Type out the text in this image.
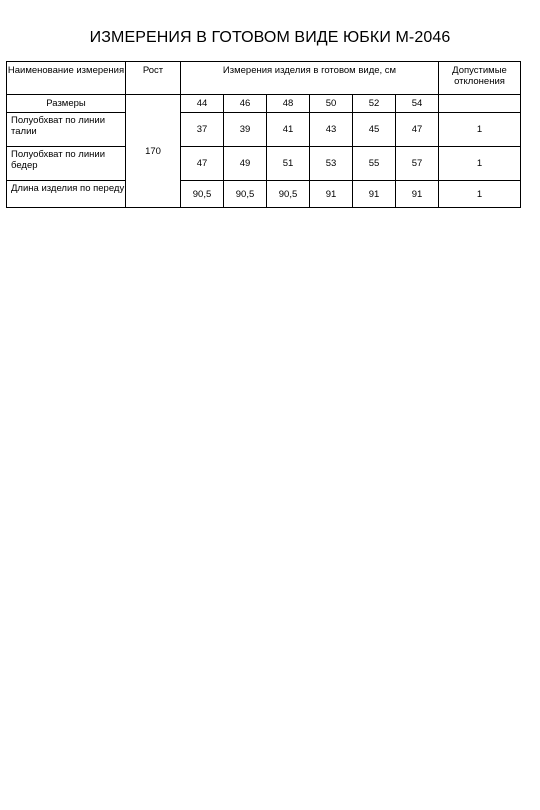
ИЗМЕРЕНИЯ В ГОТОВОМ ВИДЕ ЮБКИ М-2046
Наименование измерения	Рост	Измерения изделия в готовом виде, см						Допустимые отклонения
Размеры	170	44	46	48	50	52	54	
Полуобхват по линии талии		37	39	41	43	45	47	1
Полуобхват по линии бедер		47	49	51	53	55	57	1
Длина изделия по переду		90,5	90,5	90,5	91	91	91	1
